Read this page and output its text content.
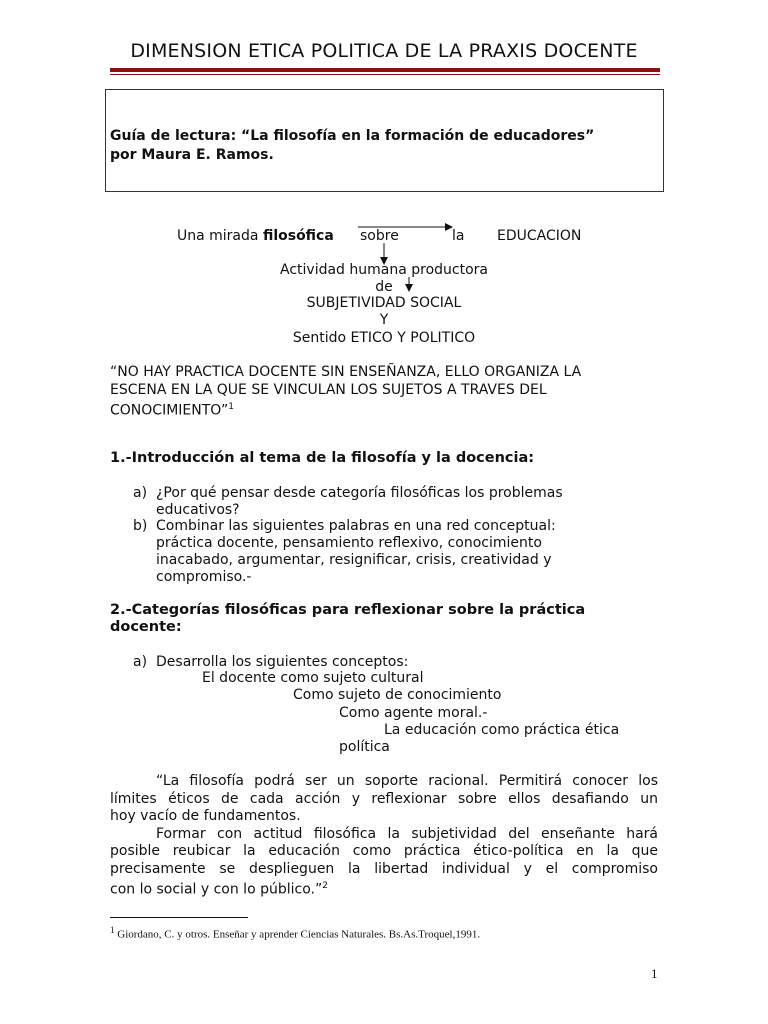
DIMENSION ETICA POLITICA DE LA PRAXIS DOCENTE
Guía de lectura: “La filosofía en la formación de educadores”
por Maura E. Ramos.
Una mirada filosófica sobre	la EDUCACION
Actividad humana productora
de
SUBJETIVIDAD SOCIAL
Y
Sentido ETICO Y POLITICO
“NO HAY PRACTICA DOCENTE SIN ENSEÑANZA, ELLO ORGANIZA LA
ESCENA EN LA QUE SE VINCULAN LOS SUJETOS A TRAVES DEL
CONOCIMIENTO”$^1$
1.-Introducción al tema de la filosofía y la docencia:
a) ¿Por qué pensar desde categoría filosóficas los problemas
educativos?
b) Combinar las siguientes palabras en una red conceptual:
práctica docente, pensamiento reflexivo, conocimiento
inacabado, argumentar, resignificar, crisis, creatividad y
compromiso.-
2.-Categorías filosóficas para reflexionar sobre la práctica
docente:
a) Desarrolla los siguientes conceptos:
El docente como sujeto cultural
Como sujeto de conocimiento
Como agente moral.-
La educación como práctica ética
política
“La filosofía podrá ser un soporte racional. Permitirá conocer los
límites éticos de cada acción y reflexionar sobre ellos desafiando un
hoy vacío de fundamentos.
Formar con actitud filosófica la subjetividad del enseñante hará
posible reubicar la educación como práctica ético-política en la que
precisamente se desplieguen la libertad individual y el compromiso
con lo social y con lo público.”$^2$
$^1$ Giordano, C. y otros. Enseñar y aprender Ciencias Naturales. Bs.As.Troquel,1991.
1
